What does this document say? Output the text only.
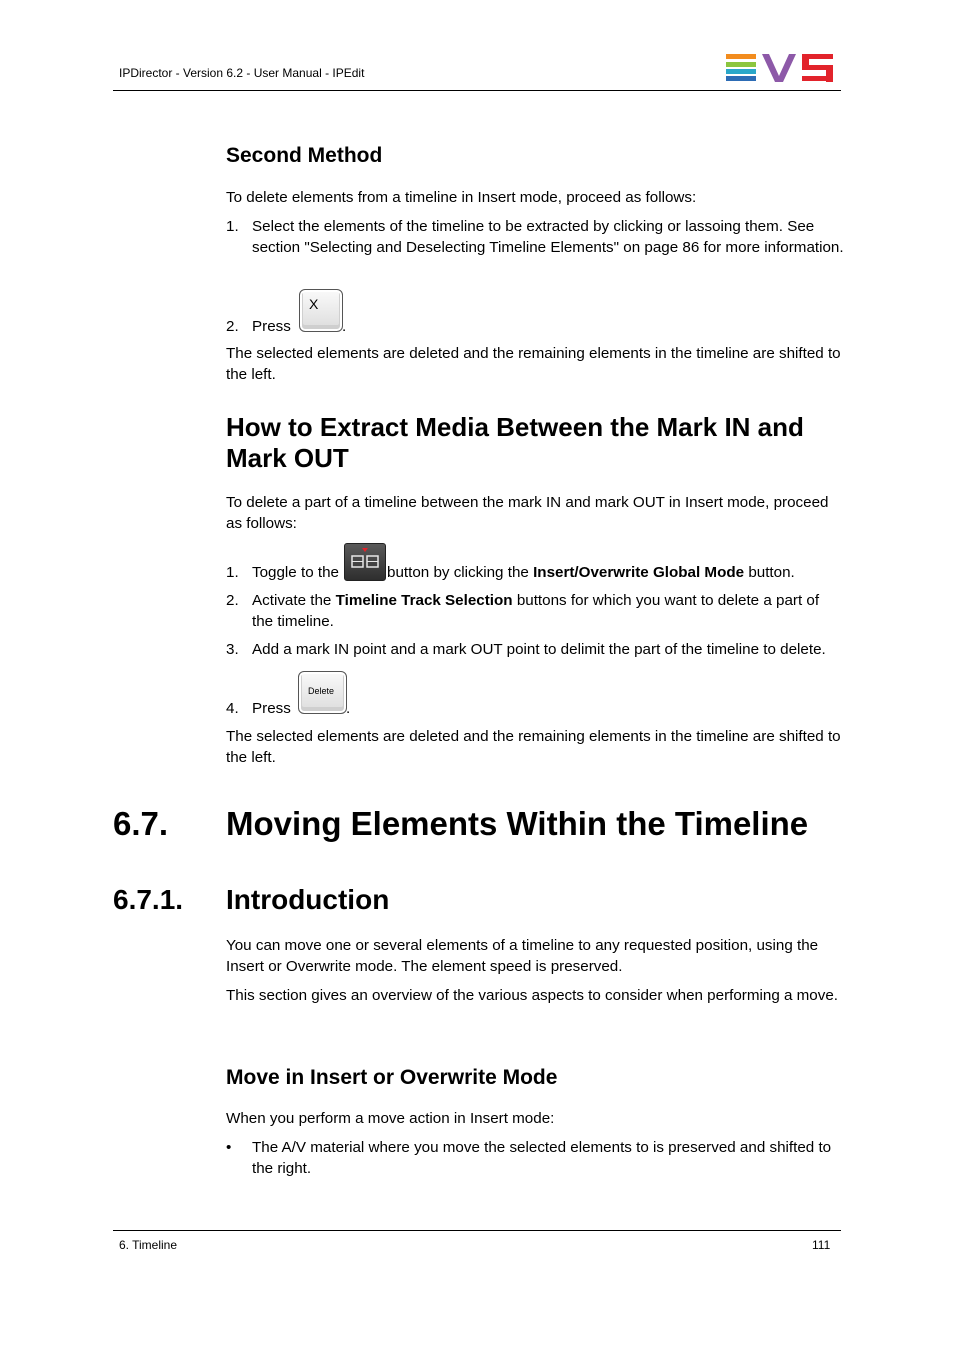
IPDirector - Version 6.2 - User Manual - IPEdit
Second Method
To delete elements from a timeline in Insert mode, proceed as follows:
1. Select the elements of the timeline to be extracted by clicking or lassoing them. See section "Selecting and Deselecting Timeline Elements" on page 86 for more information.
2. Press
X
.
The selected elements are deleted and the remaining elements in the timeline are shifted to the left.
How to Extract Media Between the Mark IN and Mark OUT
To delete a part of a timeline between the mark IN and mark OUT in Insert mode, proceed as follows:
1. Toggle to the	button by clicking the Insert/Overwrite Global Mode button.
2. Activate the Timeline Track Selection buttons for which you want to delete a part of the timeline.
3. Add a mark IN point and a mark OUT point to delimit the part of the timeline to delete.
4. Press
Delete
.
The selected elements are deleted and the remaining elements in the timeline are shifted to the left.
6.7. Moving Elements Within the Timeline
6.7.1. Introduction
You can move one or several elements of a timeline to any requested position, using the Insert or Overwrite mode. The element speed is preserved.
This section gives an overview of the various aspects to consider when performing a move.
Move in Insert or Overwrite Mode
When you perform a move action in Insert mode:
• The A/V material where you move the selected elements to is preserved and shifted to the right.
6. Timeline	111
